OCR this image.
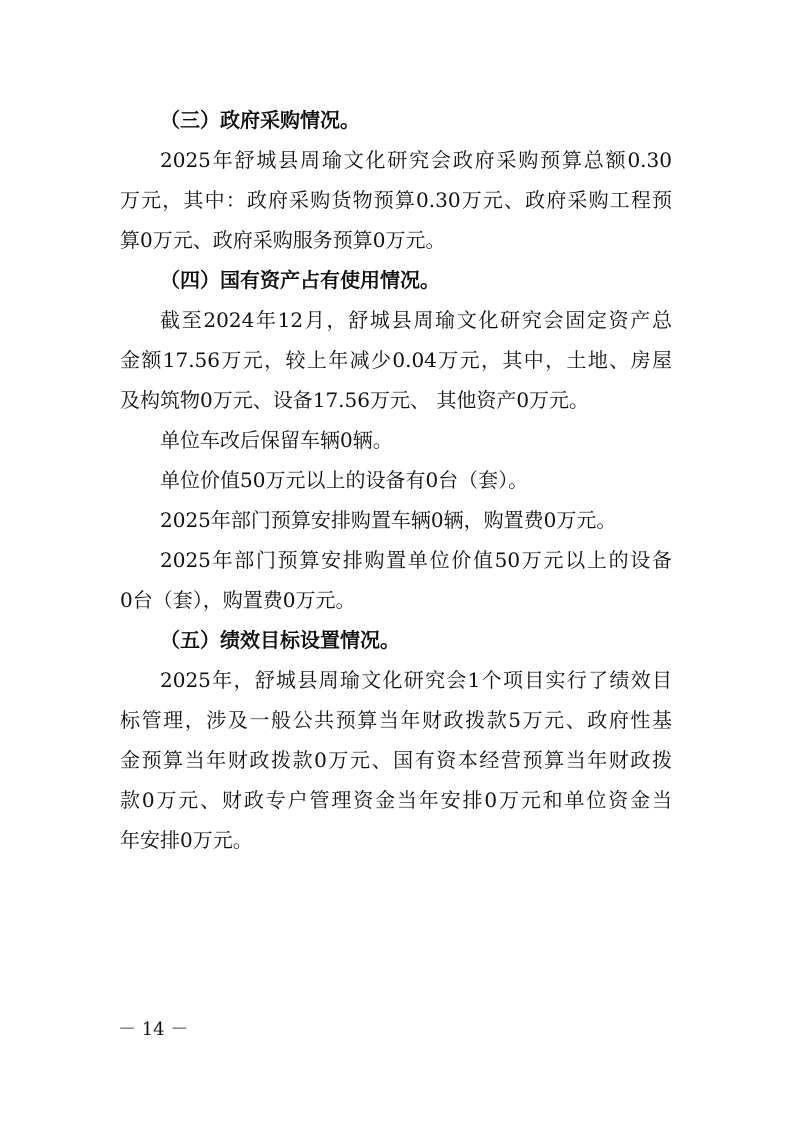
（三）政府采购情况。
2025年舒城县周瑜文化研究会政府采购预算总额0.30
万元，其中：政府采购货物预算0.30万元、政府采购工程预
算0万元、政府采购服务预算0万元。
（四）国有资产占有使用情况。
截至2024年12月，舒城县周瑜文化研究会固定资产总
金额17.56万元，较上年减少0.04万元，其中，土地、房屋
及构筑物0万元、设备17.56万元、 其他资产0万元。
单位车改后保留车辆0辆。
单位价值50万元以上的设备有0台（套）。
2025年部门预算安排购置车辆0辆，购置费0万元。
2025年部门预算安排购置单位价值50万元以上的设备
0台（套），购置费0万元。
（五）绩效目标设置情况。
2025年，舒城县周瑜文化研究会1个项目实行了绩效目
标管理，涉及一般公共预算当年财政拨款5万元、政府性基
金预算当年财政拨款0万元、国有资本经营预算当年财政拨
款0万元、财政专户管理资金当年安排0万元和单位资金当
年安排0万元。
－ 14 －
